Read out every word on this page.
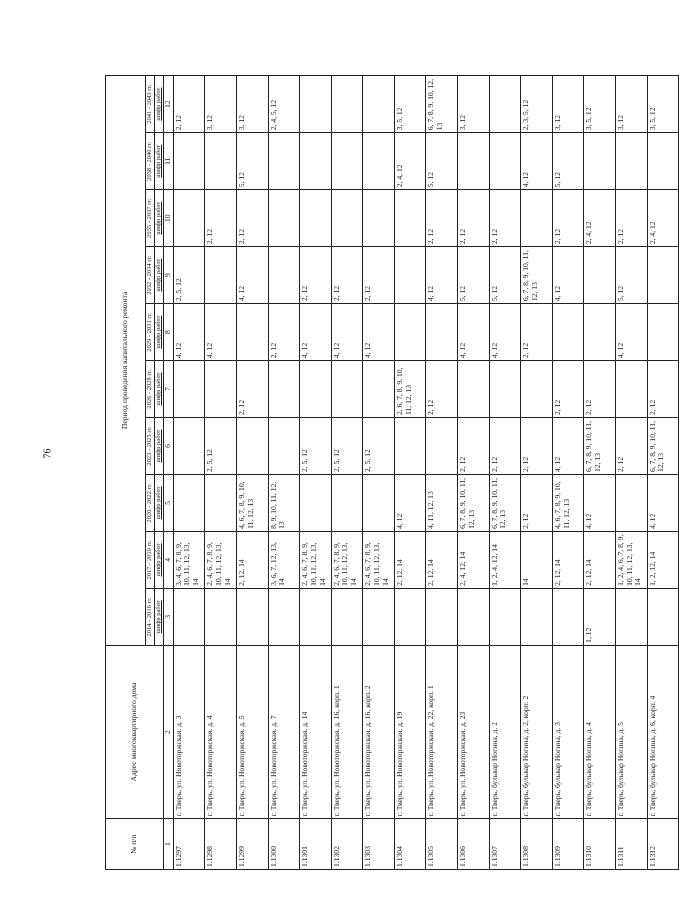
76
№ п/п	Адрес многоквартирного дома	Период проведения капитального ремонта									
		2014 - 2016 гг.	2017 - 2019 гг.	2020 - 2022 гг.	2023 - 2025 гг.	2026 - 2028 гг.	2029 - 2031 гг.	2032 - 2034 гг.	2035 - 2037 гг.	2038 - 2040 гг.	2041 - 2043 гг.
		шифр работ	шифр работ	шифр работ	шифр работ	шифр работ	шифр работ	шифр работ	шифр работ	шифр работ	шифр работ
1	2	3	4	5	6	7	8	9	10	11	12
1.1297	г. Тверь, ул. Новоторжская, д. 3		3, 4, 6, 7, 8, 9, 10, 11, 12, 13, 14				4, 12	2, 5, 12			2, 12
1.1298	г. Тверь, ул. Новоторжская, д. 4		2, 4, 6, 7, 8, 9, 10, 11, 12, 13, 14		2, 5, 12		4, 12		2, 12		3, 12
1.1299	г. Тверь, ул. Новоторжская, д. 5		2, 12, 14	4, 6, 7, 8, 9, 10, 11, 12, 13		2, 12		4, 12	2, 12	5, 12	3, 12
1.1300	г. Тверь, ул. Новоторжская, д. 7		3, 6, 7, 12, 13, 14	8, 9, 10, 11, 12, 13			2, 12				2, 4, 5, 12
1.1301	г. Тверь, ул. Новоторжская, д. 14		2, 4, 6, 7, 8, 9, 10, 11, 12, 13, 14		2, 5, 12		4, 12	2, 12			
1.1302	г. Тверь, ул. Новоторжская, д. 16, корп. 1		2, 4, 6, 7, 8, 9, 10, 11, 12, 13, 14		2, 5, 12		4, 12	2, 12			
1.1303	г. Тверь, ул. Новоторжская, д. 16, корп. 2		2, 4, 6, 7, 8, 9, 10, 11, 12, 13, 14		2, 5, 12		4, 12	2, 12			
1.1304	г. Тверь, ул. Новоторжская, д. 19		2, 12, 14	4, 12		2, 6, 7, 8, 9, 10, 11, 12, 13				2, 4, 12	3, 5, 12
1.1305	г. Тверь, ул. Новоторжская, д. 22, корп. 1		2, 12, 14	4, 11, 12, 13		2, 12		4, 12	2, 12	5, 12	6, 7, 8, 9, 10, 12, 13
1.1306	г. Тверь, ул. Новоторжская, д. 23		2, 4, 12, 14	6, 7, 8, 9, 10, 11, 12, 13	2, 12		4, 12	5, 12	2, 12		3, 12
1.1307	г. Тверь, бульвар Ногина, д. 2		1, 2, 4, 12, 14	6, 7, 8, 9, 10, 11, 12, 13	2, 12		4, 12	5, 12	2, 12		
1.1308	г. Тверь, бульвар Ногина, д. 2, корп. 2		14	2, 12	2, 12		2, 12	6, 7, 8, 9, 10, 11, 12, 13		4, 12	2, 3, 5, 12
1.1309	г. Тверь, бульвар Ногина, д. 3		2, 12, 14	4, 6, 7, 8, 9, 10, 11, 12, 13	4, 12	2, 12		4, 12	2, 12	5, 12	3, 12
1.1310	г. Тверь, бульвар Ногина, д. 4	1, 12	2, 12, 14	4, 12	6, 7, 8, 9, 10, 11, 12, 13	2, 12			2, 4, 12		3, 5, 12
1.1311	г. Тверь, бульвар Ногина, д. 5		1, 2, 4, 6, 7, 8, 9, 10, 11, 12, 13, 14		2, 12		4, 12	5, 12	2, 12		3, 12
1.1312	г. Тверь, бульвар Ногина, д. 6, корп. 4		1, 2, 12, 14	4, 12	6, 7, 8, 9, 10, 11, 12, 13	2, 12			2, 4, 12		3, 5, 12
